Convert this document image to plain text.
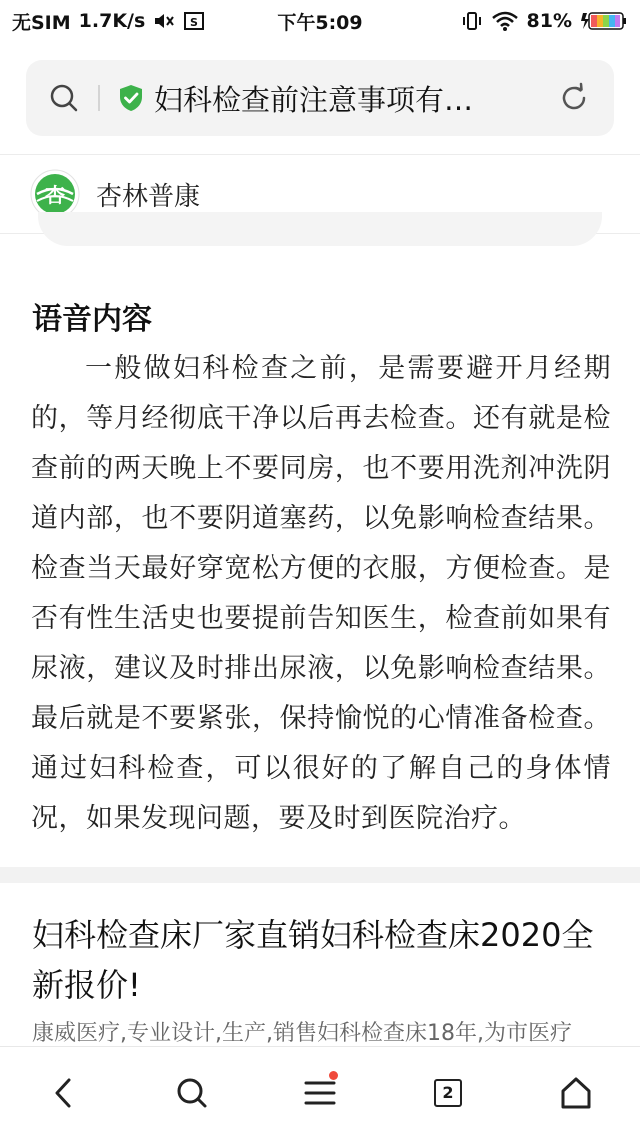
无SIM 1.7K/s	S	下午5:09	81%
妇科检查前注意事项有…
杏 杏林普康
语音内容

一般做妇科检查之前，是需要避开月经期的，等月经彻底干净以后再去检查。还有就是检查前的两天晚上不要同房，也不要用洗剂冲洗阴道内部，也不要阴道塞药，以免影响检查结果。检查当天最好穿宽松方便的衣服，方便检查。是否有性生活史也要提前告知医生，检查前如果有尿液，建议及时排出尿液，以免影响检查结果。最后就是不要紧张，保持愉悦的心情准备检查。通过妇科检查，可以很好的了解自己的身体情况，如果发现问题，要及时到医院治疗。

妇科检查床厂家直销妇科检查床2020全新报价!
康威医疗,专业设计,生产,销售妇科检查床18年,为市医疗
2
